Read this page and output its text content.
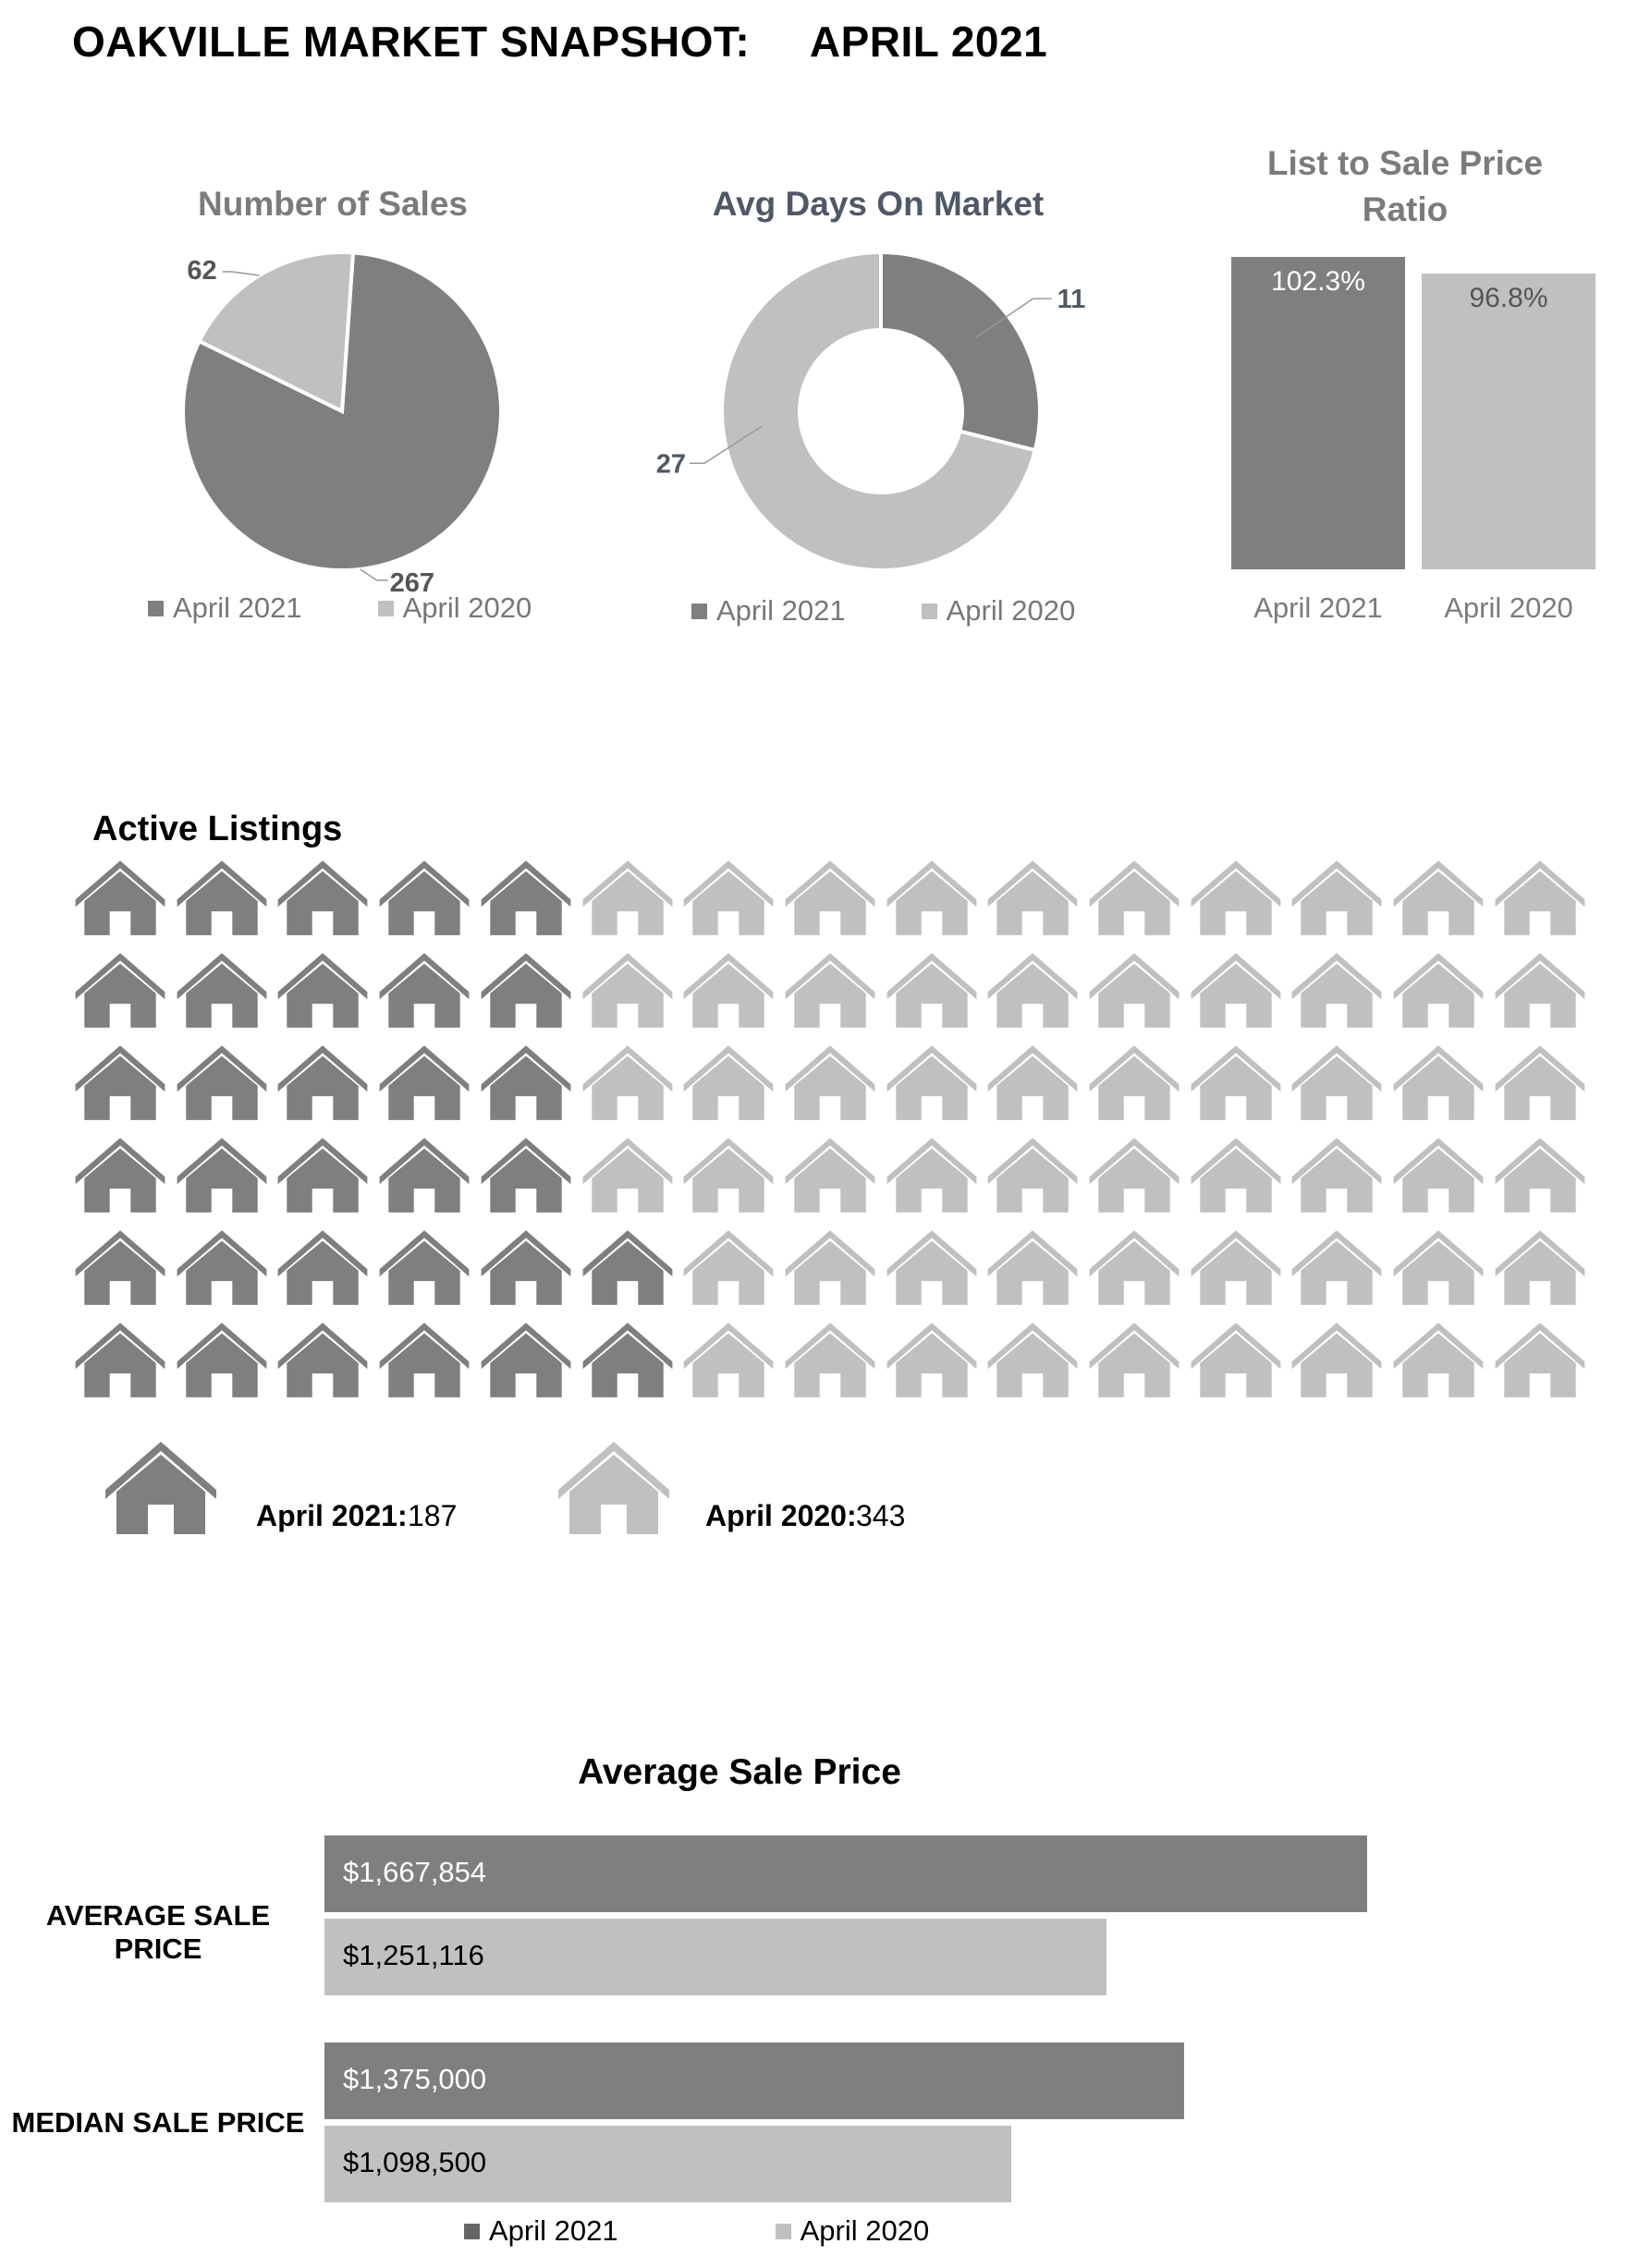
OAKVILLE MARKET SNAPSHOT:     APRIL 2021
Number of Sales
267
62
April 2021	April 2020
Avg Days On Market
11
27
April 2021	April 2020
List to Sale Price
Ratio
102.3%
96.8%
April 2021	April 2020
Active Listings
April 2021: 187	April 2020: 343
Average Sale Price
AVERAGE SALE PRICE
MEDIAN SALE PRICE
$1,667,854
$1,251,116
$1,375,000
$1,098,500
April 2021	April 2020
